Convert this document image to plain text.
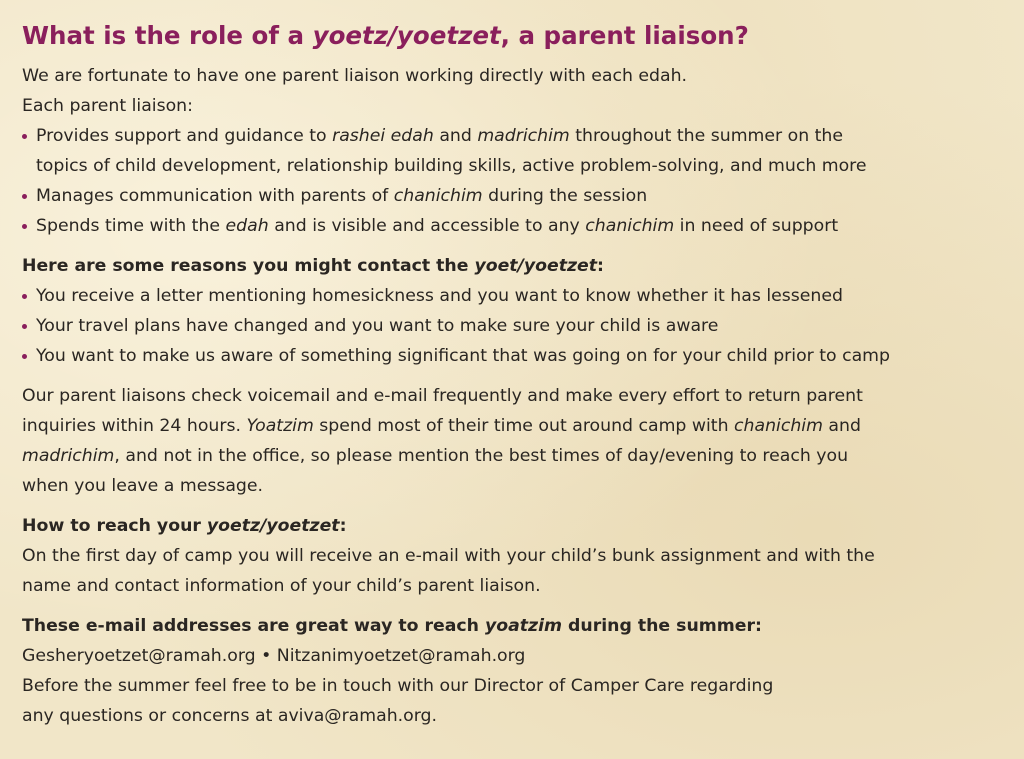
What is the role of a yoetz/yoetzet, a parent liaison?

We are fortunate to have one parent liaison working directly with each edah.

Each parent liaison:

Provides support and guidance to rashei edah and madrichim throughout the summer on the
topics of child development, relationship building skills, active problem-solving, and much more
Manages communication with parents of chanichim during the session
Spends time with the edah and is visible and accessible to any chanichim in need of support

Here are some reasons you might contact the yoet/yoetzet:

You receive a letter mentioning homesickness and you want to know whether it has lessened
Your travel plans have changed and you want to make sure your child is aware
You want to make us aware of something significant that was going on for your child prior to camp

Our parent liaisons check voicemail and e-mail frequently and make every effort to return parent

inquiries within 24 hours. Yoatzim spend most of their time out around camp with chanichim and

madrichim, and not in the office, so please mention the best times of day/evening to reach you

when you leave a message.

How to reach your yoetz/yoetzet:

On the first day of camp you will receive an e-mail with your child’s bunk assignment and with the

name and contact information of your child’s parent liaison.

These e-mail addresses are great way to reach yoatzim during the summer:

Gesheryoetzet@ramah.org • Nitzanimyoetzet@ramah.org

Before the summer feel free to be in touch with our Director of Camper Care regarding

any questions or concerns at aviva@ramah.org.
